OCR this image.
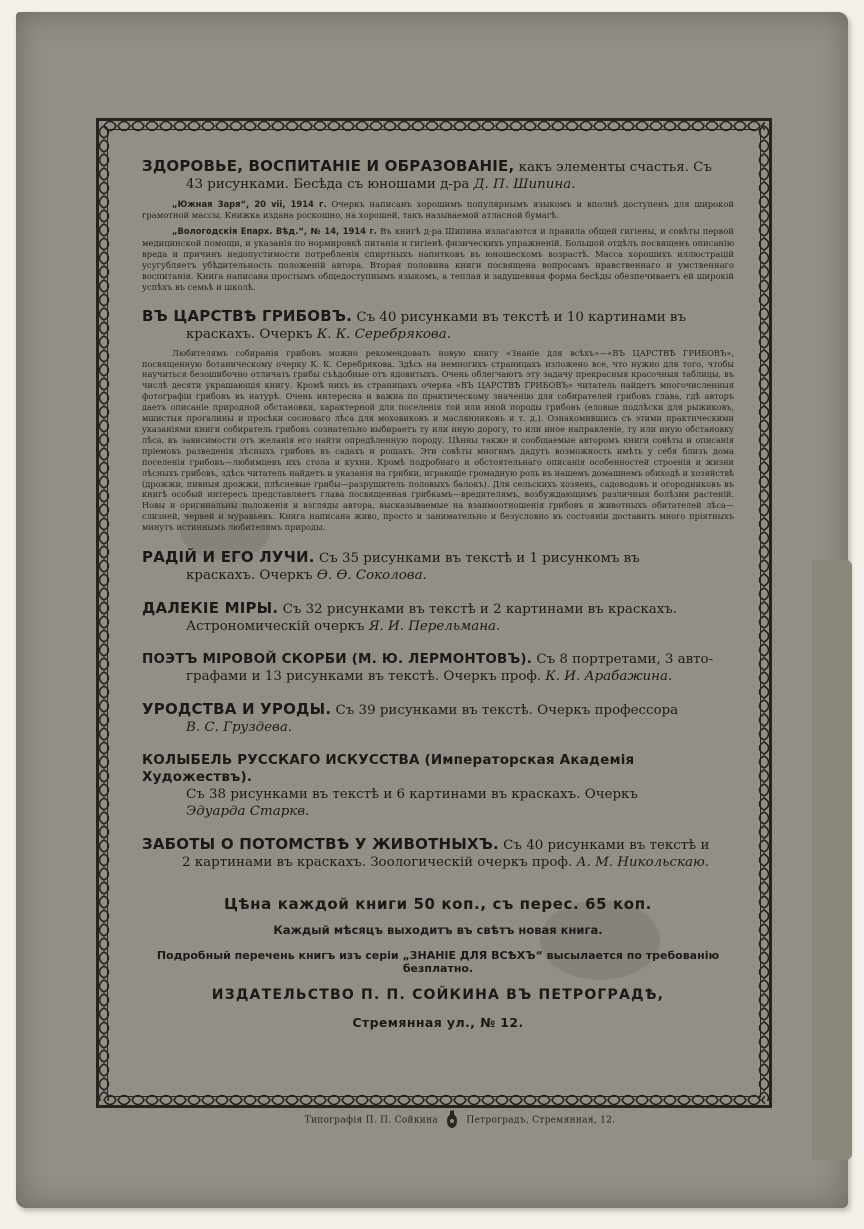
ЗДОРОВЬЕ, ВОСПИТАНІЕ И ОБРАЗОВАНІЕ, какъ элементы счастья. Съ
43 рисунками. Бесѣда съ юношами д-ра Д. П. Шипина.

„Южная Заря“, 20 vii, 1914 г. Очеркъ написанъ хорошимъ популярнымъ языкомъ и вполнѣ доступенъ для широкой грамотной массы. Книжка издана роскошно, на хорошей, такъ называемой атласной бумагѣ.

„Вологодскія Епарх. Вѣд.“, № 14, 1914 г. Въ книгѣ д-ра Шипина излагаются и правила общей гигіены, и совѣты первой медицинской помощи, и указанія по нормировкѣ питанія и гигіенѣ физическихъ упражненій. Большой отдѣлъ посвященъ описанію вреда и причинъ недопустимости потребленія спиртныхъ напитковъ въ юношескомъ возрастѣ. Масса хорошихъ иллюстрацій усугубляетъ убѣдительность положеній автора. Вторая половина книги посвящена вопросамъ нравственнаго и умственнаго воспитанія. Книга написана простымъ общедоступнымъ языкомъ, а теплая и задушевная форма бесѣды обезпечиваетъ ей широкій успѣхъ въ семьѣ и школѣ.

ВЪ ЦАРСТВѢ ГРИБОВЪ. Съ 40 рисунками въ текстѣ и 10 картинами въ
краскахъ. Очеркъ К. К. Серебрякова.

Любителямъ собиранія грибовъ можно рекомендовать новую книгу «Знаніе для всѣхъ»—«ВЪ ЦАРСТВѢ ГРИБОВЪ», посвященную ботаническому очерку К. К. Серебрякова. Здѣсь на немногихъ страницахъ изложено все, что нужно для того, чтобы научиться безошибочно отличать грибы съѣдобные отъ ядовитыхъ. Очень облегчаютъ эту задачу прекрасныя красочныя таблицы, въ числѣ десяти украшающія книгу. Кромѣ нихъ въ страницахъ очерка «ВЪ ЦАРСТВѢ ГРИБОВЪ» читатель найдетъ многочисленныя фотографіи грибовъ въ натурѣ. Очень интересна и важна по практическому значенію для собирателей грибовъ глава, гдѣ авторъ даетъ описаніе природной обстановки, характерной для поселенія той или иной породы грибовъ (еловые подлѣски для рыжиковъ, мшистыя прогалины и просѣки сосноваго лѣса для моховиковъ и маслянниковъ и т. д.). Ознакомившись съ этими практическими указаніями книги собиратель грибовъ сознательно выбираетъ ту или иную дорогу, то или иное направленіе, ту или иную обстановку лѣса, въ зависимости отъ желанія его найти опредѣленную породу. Цѣнны также и сообщаемые авторомъ книги совѣты и описанія пріемовъ разведенія лѣсныхъ грибовъ въ садахъ и рощахъ. Эти совѣты многимъ дадутъ возможность имѣть у себя близъ дома поселенія грибовъ—любимцевъ ихъ стола и кухни. Кромѣ подробнаго и обстоятельнаго описанія особенностей строенія и жизни лѣсныхъ грибовъ, здѣсь читатель найдетъ и указанія на грибки, играющіе громадную роль въ нашемъ домашнемъ обиходѣ и хозяйствѣ (дрожжи, пивныя дрожжи, плѣсневые грибы—разрушитель половыхъ балокъ). Для сельскихъ хозяевъ, садоводовъ и огородниковъ въ книгѣ особый интересъ представляетъ глава посвященная грибкамъ—вредителямъ, возбуждающимъ различныя болѣзни растеній. Новы и оригинальны положенія и взгляды автора, высказываемые на взаимоотношенія грибовъ и животныхъ обитателей лѣса—слизней, червей и муравьевъ. Книга написана живо, просто и занимательно и безусловно въ состояніи доставить много пріятныхъ минутъ истиннымъ любителямъ природы.

РАДІЙ И ЕГО ЛУЧИ. Съ 35 рисунками въ текстѣ и 1 рисункомъ въ
краскахъ. Очеркъ Ѳ. Ѳ. Соколова.
ДАЛЕКІЕ МІРЫ. Съ 32 рисунками въ текстѣ и 2 картинами въ краскахъ.
Астрономическій очеркъ Я. И. Перельмана.
ПОЭТЪ МІРОВОЙ СКОРБИ (М. Ю. ЛЕРМОНТОВЪ). Съ 8 портретами, 3 авто-
графами и 13 рисунками въ текстѣ. Очеркъ проф. К. И. Арабажина.
УРОДСТВА И УРОДЫ. Съ 39 рисунками въ текстѣ. Очеркъ профессора
В. С. Груздева.
КОЛЫБЕЛЬ РУССКАГО ИСКУССТВА (Императорская Академія Художествъ).
Съ 38 рисунками въ текстѣ и 6 картинами въ краскахъ. Очеркъ
Эдуарда Старкв.
ЗАБОТЫ О ПОТОМСТВѢ У ЖИВОТНЫХЪ. Съ 40 рисунками въ текстѣ и
2 картинами въ краскахъ. Зоологическій очеркъ проф. А. М. Никольскаю.
Цѣна каждой книги 50 коп., съ перес. 65 коп.
Каждый мѣсяцъ выходитъ въ свѣтъ новая книга.
Подробный перечень книгъ изъ серіи „ЗНАНІЕ ДЛЯ ВСѢХЪ“ высылается по требованію безплатно.
ИЗДАТЕЛЬСТВО П. П. СОЙКИНА ВЪ ПЕТРОГРАДѢ,
Стремянная ул., № 12.
Типографія П. П. Сойкина	Петроградъ, Стремянная, 12.
